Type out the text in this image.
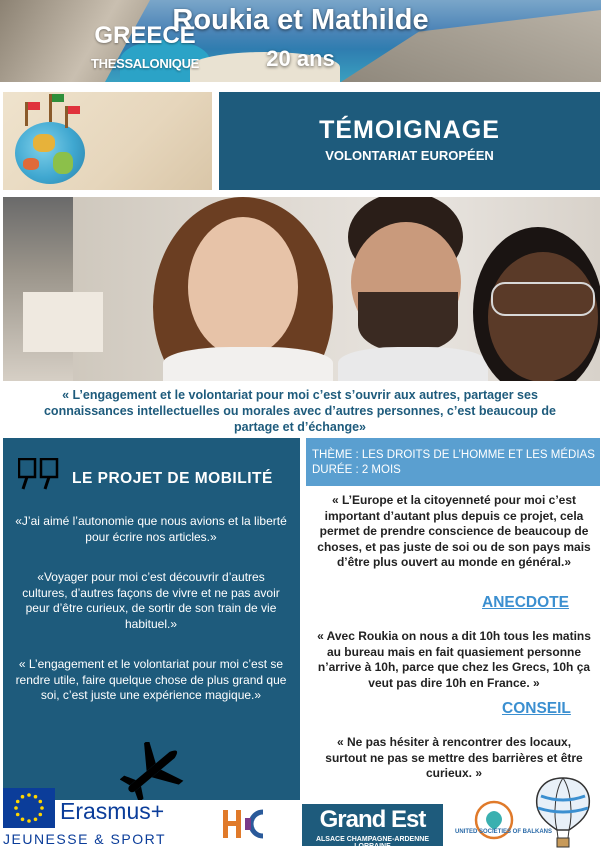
Roukia et Mathilde
20 ans
GREECE
THESSALONIQUE
TÉMOIGNAGE
VOLONTARIAT EUROPÉEN
« L’engagement et le volontariat pour moi c’est s’ouvrir aux autres, partager ses connaissances intellectuelles ou morales avec d’autres personnes, c’est beaucoup de partage et d’échange»
LE PROJET DE MOBILITÉ
«J’ai aimé l’autonomie que nous avions et la liberté pour écrire nos articles.»
«Voyager pour moi c’est découvrir d’autres cultures, d’autres façons de vivre et ne pas avoir peur d’être curieux, de sortir de son train de vie habituel.»
« L’engagement et le volontariat pour moi c’est se rendre utile, faire quelque chose de plus grand que soi, c’est juste une expérience magique.»
THÈME : LES DROITS DE L’HOMME ET LES MÉDIAS
DURÉE : 2 MOIS
« L’Europe et la citoyenneté pour moi c’est important d’autant plus depuis ce projet, cela permet de prendre conscience de beaucoup de choses, et pas juste de soi ou de son pays mais d’être plus ouvert au monde en général.»
ANECDOTE
« Avec Roukia on nous a dit 10h tous les matins au bureau mais en fait quasiement personne n’arrive à 10h, parce que chez les Grecs, 10h ça veut pas dire 10h en France. »
CONSEIL
« Ne pas hésiter à rencontrer des locaux, surtout ne pas se mettre des barrières et être curieux. »
Erasmus+
JEUNESSE & SPORT
Grand Est
ALSACE CHAMPAGNE-ARDENNE LORRAINE
UNITED SOCIETIES OF BALKANS
